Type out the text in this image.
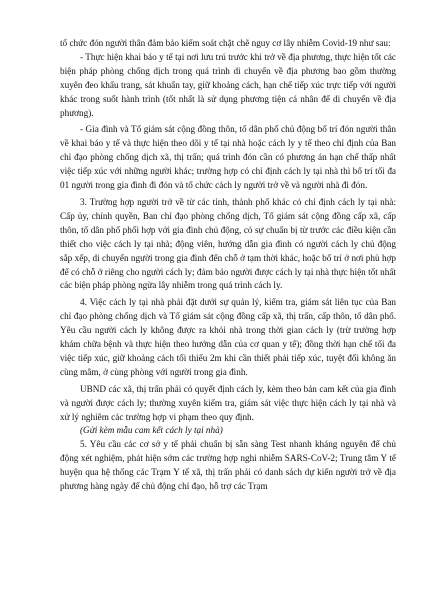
tổ chức đón người thân đảm bảo kiểm soát chặt chẽ nguy cơ lây nhiễm Covid-19 như sau:

- Thực hiện khai báo y tế tại nơi lưu trú trước khi trở về địa phương, thực hiện tốt các biện pháp phòng chống dịch trong quá trình di chuyển về địa phương bao gồm thường xuyên đeo khẩu trang, sát khuẩn tay, giữ khoảng cách, hạn chế tiếp xúc trực tiếp với người khác trong suốt hành trình (tốt nhất là sử dụng phương tiện cá nhân để di chuyển về địa phương).

- Gia đình và Tổ giám sát cộng đồng thôn, tổ dân phố chủ động bố trí đón người thân về khai báo y tế và thực hiện theo dõi y tế tại nhà hoặc cách ly y tế theo chỉ định của Ban chỉ đạo phòng chống dịch xã, thị trấn; quá trình đón cần có phương án hạn chế thấp nhất việc tiếp xúc với những người khác; trường hợp có chỉ định cách ly tại nhà thì bố trí tối đa 01 người trong gia đình đi đón và tổ chức cách ly người trở về và người nhà đi đón.

3. Trường hợp người trở về từ các tỉnh, thành phố khác có chỉ định cách ly tại nhà: Cấp ủy, chính quyền, Ban chỉ đạo phòng chống dịch, Tổ giám sát cộng đồng cấp xã, cấp thôn, tổ dân phố phối hợp với gia đình chủ động, có sự chuẩn bị từ trước các điều kiện cần thiết cho việc cách ly tại nhà; động viên, hướng dẫn gia đình có người cách ly chủ động sắp xếp, di chuyển người trong gia đình đến chỗ ở tạm thời khác, hoặc bố trí ở nơi phù hợp để có chỗ ở riêng cho người cách ly; đảm bảo người được cách ly tại nhà thực hiện tốt nhất các biện pháp phòng ngừa lây nhiễm trong quá trình cách ly.

4. Việc cách ly tại nhà phải đặt dưới sự quản lý, kiểm tra, giám sát liên tục của Ban chỉ đạo phòng chống dịch và Tổ giám sát cộng đồng cấp xã, thị trấn, cấp thôn, tổ dân phố. Yêu cầu người cách ly không được ra khỏi nhà trong thời gian cách ly (trừ trường hợp khám chữa bệnh và thực hiện theo hướng dẫn của cơ quan y tế); đồng thời hạn chế tối đa việc tiếp xúc, giữ khoảng cách tối thiểu 2m khi cần thiết phải tiếp xúc, tuyệt đối không ăn cùng mâm, ở cùng phòng với người trong gia đình.

UBND các xã, thị trấn phải có quyết định cách ly, kèm theo bản cam kết của gia đình và người được cách ly; thường xuyên kiểm tra, giám sát việc thực hiện cách ly tại nhà và xử lý nghiêm các trường hợp vi phạm theo quy định.

(Gửi kèm mẫu cam kết cách ly tại nhà)

5. Yêu cầu các cơ sở y tế phải chuẩn bị sẵn sàng Test nhanh kháng nguyên để chủ động xét nghiệm, phát hiện sớm các trường hợp nghi nhiễm SARS-CoV-2; Trung tâm Y tế huyện qua hệ thống các Trạm Y tế xã, thị trấn phải có danh sách dự kiến người trở về địa phương hàng ngày để chủ động chỉ đạo, hỗ trợ các Trạm
